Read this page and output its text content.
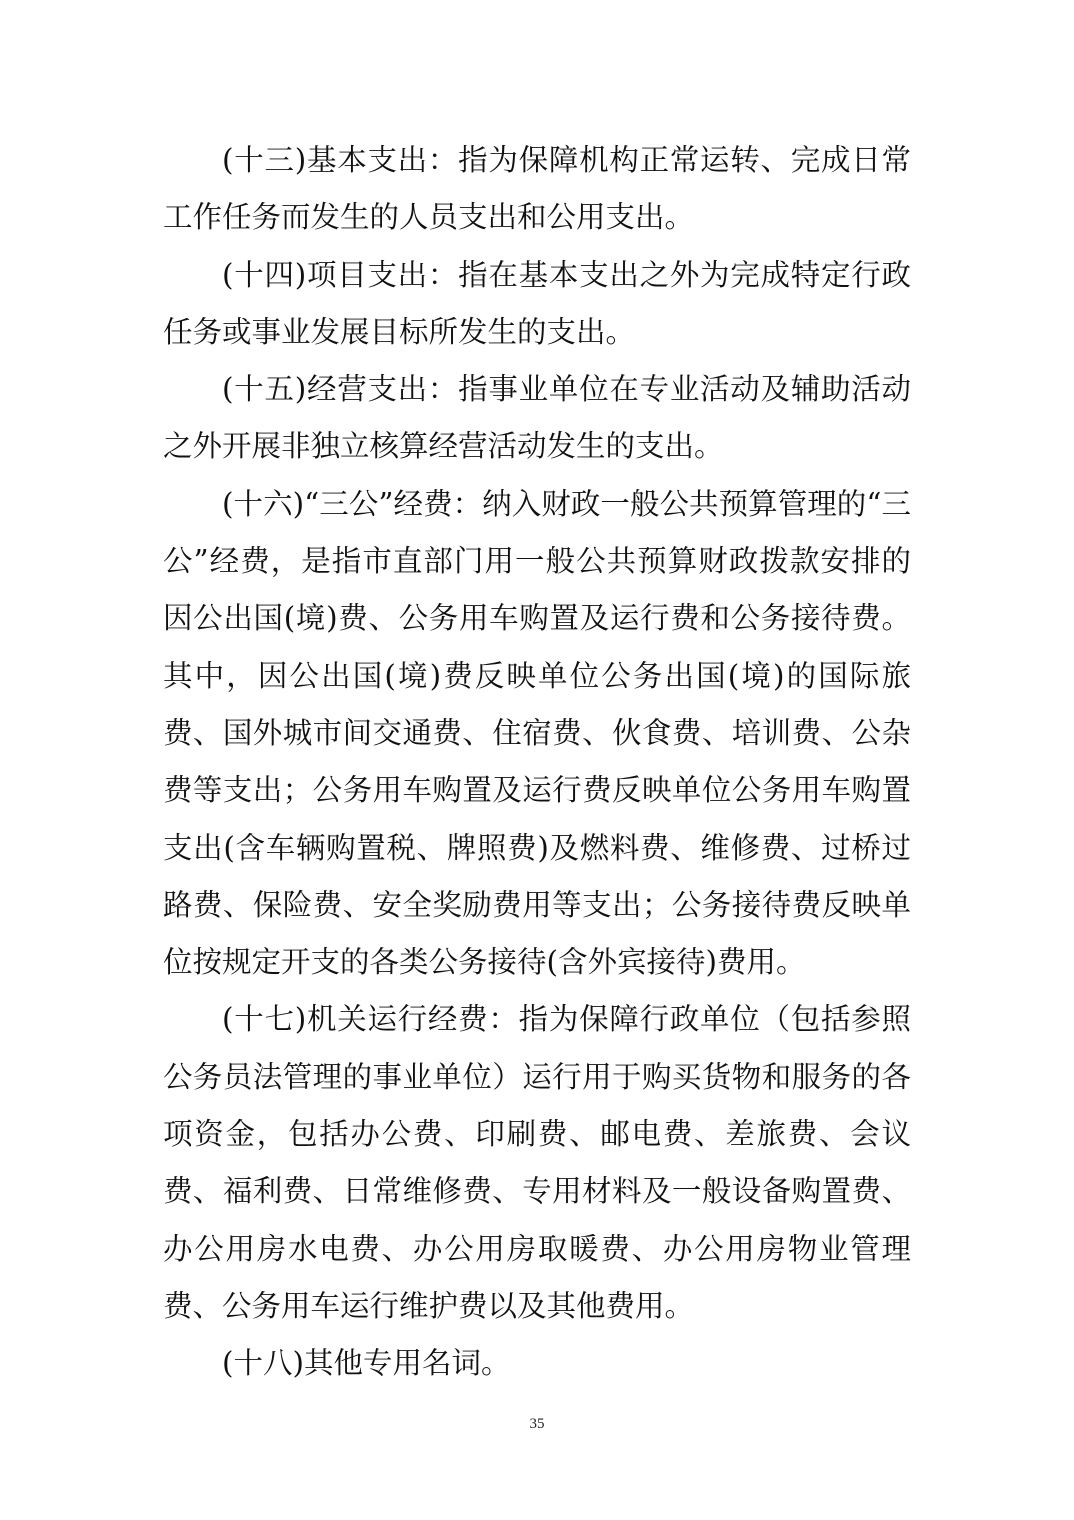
(十三)基本支出：指为保障机构正常运转、完成日常工作任务而发生的人员支出和公用支出。

(十四)项目支出：指在基本支出之外为完成特定行政任务或事业发展目标所发生的支出。

(十五)经营支出：指事业单位在专业活动及辅助活动之外开展非独立核算经营活动发生的支出。

(十六)“三公”经费：纳入财政一般公共预算管理的“三公”经费，是指市直部门用一般公共预算财政拨款安排的因公出国(境)费、公务用车购置及运行费和公务接待费。其中，因公出国(境)费反映单位公务出国(境)的国际旅费、国外城市间交通费、住宿费、伙食费、培训费、公杂费等支出；公务用车购置及运行费反映单位公务用车购置支出(含车辆购置税、牌照费)及燃料费、维修费、过桥过路费、保险费、安全奖励费用等支出；公务接待费反映单位按规定开支的各类公务接待(含外宾接待)费用。

(十七)机关运行经费：指为保障行政单位（包括参照公务员法管理的事业单位）运行用于购买货物和服务的各项资金，包括办公费、印刷费、邮电费、差旅费、会议费、福利费、日常维修费、专用材料及一般设备购置费、办公用房水电费、办公用房取暖费、办公用房物业管理费、公务用车运行维护费以及其他费用。

(十八)其他专用名词。

35
